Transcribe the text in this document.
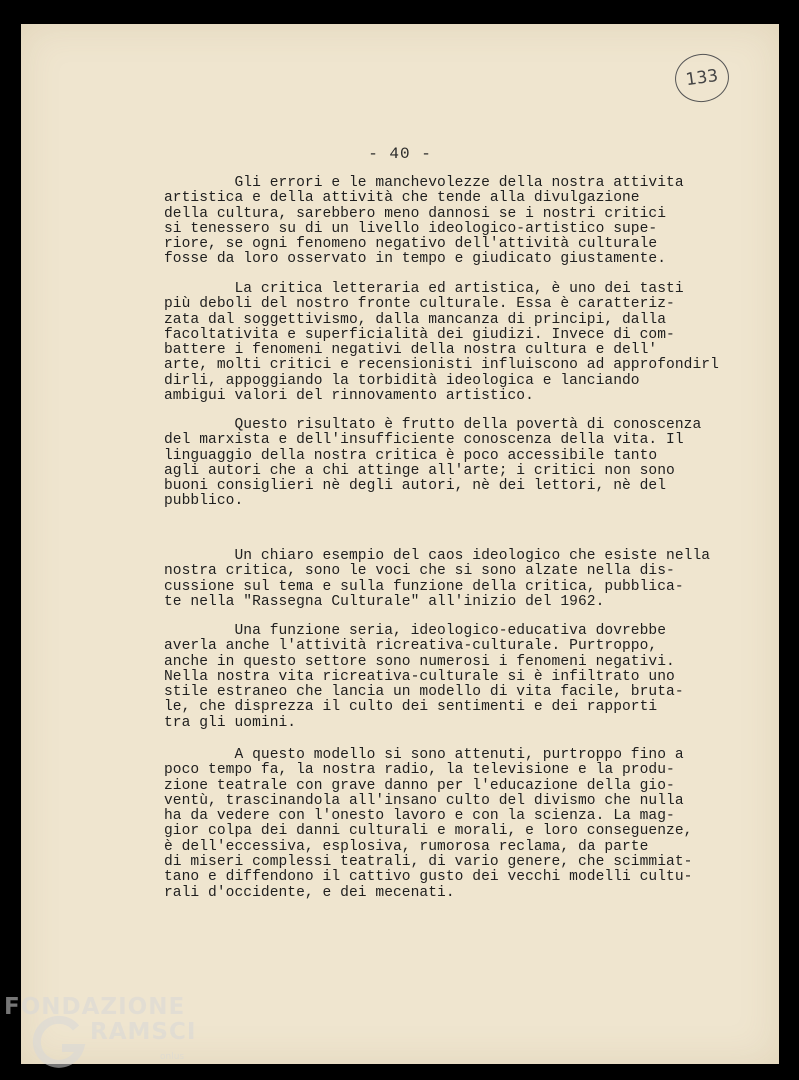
133
- 40 -

Gli errori e le manchevolezze della nostra attivita
artistica e della attività che tende alla divulgazione
della cultura, sarebbero meno dannosi se i nostri critici
si tenessero su di un livello ideologico-artistico supe-
riore, se ogni fenomeno negativo dell'attività culturale
fosse da loro osservato in tempo e giudicato giustamente.

La critica letteraria ed artistica, è uno dei tasti
più deboli del nostro fronte culturale. Essa è caratteriz-
zata dal soggettivismo, dalla mancanza di principi, dalla
facoltativita e superficialità dei giudizi. Invece di com-
battere i fenomeni negativi della nostra cultura e dell'
arte, molti critici e recensionisti influiscono ad approfondirl
dirli, appoggiando la torbidità ideologica e lanciando
ambigui valori del rinnovamento artistico.

Questo risultato è frutto della povertà di conoscenza
del marxista e dell'insufficiente conoscenza della vita. Il
linguaggio della nostra critica è poco accessibile tanto
agli autori che a chi attinge all'arte; i critici non sono
buoni consiglieri nè degli autori, nè dei lettori, nè del
pubblico.

Un chiaro esempio del caos ideologico che esiste nella
nostra critica, sono le voci che si sono alzate nella dis-
cussione sul tema e sulla funzione della critica, pubblica-
te nella "Rassegna Culturale" all'inizio del 1962.

Una funzione seria, ideologico-educativa dovrebbe
averla anche l'attività ricreativa-culturale. Purtroppo,
anche in questo settore sono numerosi i fenomeni negativi.
Nella nostra vita ricreativa-culturale si è infiltrato uno
stile estraneo che lancia un modello di vita facile, bruta-
le, che disprezza il culto dei sentimenti e dei rapporti
tra gli uomini.

A questo modello si sono attenuti, purtroppo fino a
poco tempo fa, la nostra radio, la televisione e la produ-
zione teatrale con grave danno per l'educazione della gio-
ventù, trascinandola all'insano culto del divismo che nulla
ha da vedere con l'onesto lavoro e con la scienza. La mag-
gior colpa dei danni culturali e morali, e loro conseguenze,
è dell'eccessiva, esplosiva, rumorosa reclama, da parte
di miseri complessi teatrali, di vario genere, che scimmiat-
tano e diffendono il cattivo gusto dei vecchi modelli cultu-
rali d'occidente, e dei mecenati.

FONDAZIONE
RAMSCI
onlus
